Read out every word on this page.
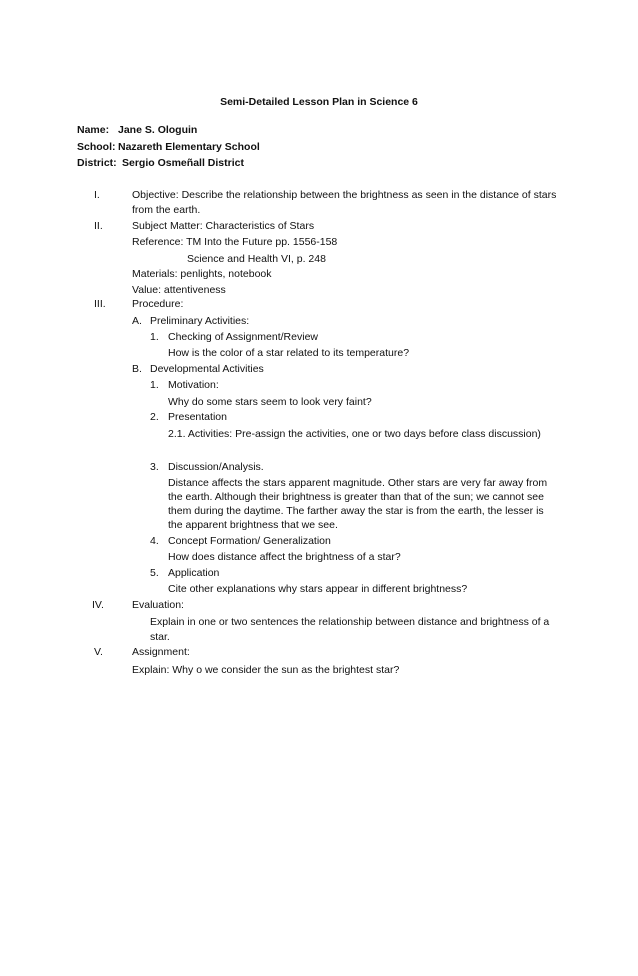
Semi-Detailed Lesson Plan in Science 6
Name: Jane S. Ologuin
School: Nazareth Elementary School
District: Sergio Osmeñall District
I.	Objective: Describe the relationship between the brightness as seen in the distance of stars
from the earth.
II.	Subject Matter: Characteristics of Stars
Reference: TM Into the Future pp. 1556-158
Science and Health VI, p. 248
Materials: penlights, notebook
Value: attentiveness
III.	Procedure:
A. Preliminary Activities:
1. Checking of Assignment/Review
How is the color of a star related to its temperature?
B. Developmental Activities
1. Motivation:
Why do some stars seem to look very faint?
2. Presentation
2.1. Activities: Pre-assign the activities, one or two days before class discussion)
3. Discussion/Analysis.
Distance affects the stars apparent magnitude. Other stars are very far away from
the earth. Although their brightness is greater than that of the sun; we cannot see
them during the daytime. The farther away the star is from the earth, the lesser is
the apparent brightness that we see.
4. Concept Formation/ Generalization
How does distance affect the brightness of a star?
5. Application
Cite other explanations why stars appear in different brightness?
IV.	Evaluation:
Explain in one or two sentences the relationship between distance and brightness of a
star.
V.	Assignment:
Explain: Why o we consider the sun as the brightest star?
